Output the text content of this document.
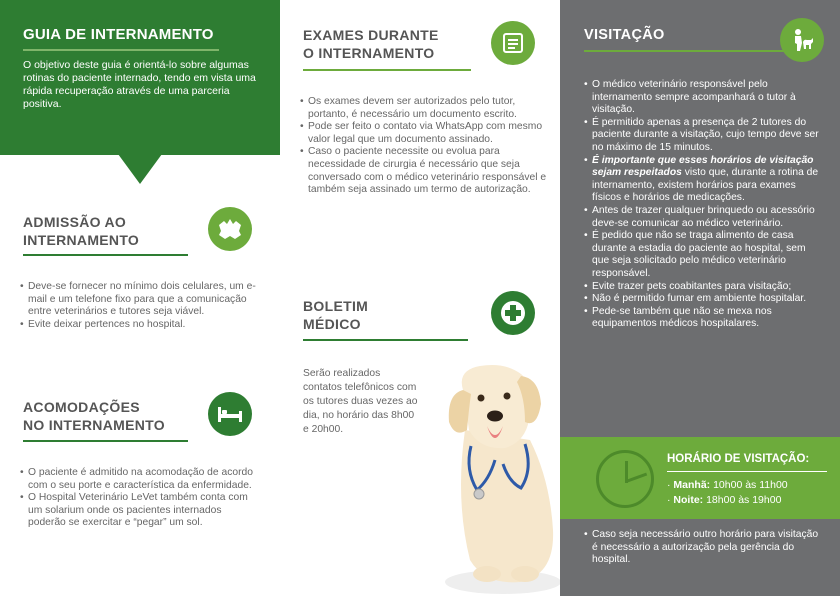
GUIA DE INTERNAMENTO

O objetivo deste guia é orientá-lo sobre algumas rotinas do paciente internado, tendo em vista uma rápida recuperação através de uma parceria positiva.

ADMISSÃO AO
INTERNAMENTO
• Deve-se fornecer no mínimo dois celulares, um e-mail e um telefone fixo para que a comunicação entre veterinários e tutores seja viável.
• Evite deixar pertences no hospital.
ACOMODAÇÕES
NO INTERNAMENTO
• O paciente é admitido na acomodação de acordo com o seu porte e característica da enfermidade.
• O Hospital Veterinário LeVet também conta com um solarium onde os pacientes internados poderão se exercitar e “pegar” um sol.
EXAMES DURANTE
O INTERNAMENTO
• Os exames devem ser autorizados pelo tutor, portanto, é necessário um documento escrito.
• Pode ser feito o contato via WhatsApp com mesmo valor legal que um documento assinado.
• Caso o paciente necessite ou evolua para necessidade de cirurgia é necessário que seja conversado com o médico veterinário responsável e também seja assinado um termo de autorização.
BOLETIM
MÉDICO
Serão realizados contatos telefônicos com os tutores duas vezes ao dia, no horário das 8h00 e 20h00.
VISITAÇÃO
• O médico veterinário responsável pelo internamento sempre acompanhará o tutor à visitação.
• É permitido apenas a presença de 2 tutores do paciente durante a visitação, cujo tempo deve ser no máximo de 15 minutos.
• É importante que esses horários de visitação sejam respeitados visto que, durante a rotina de internamento, existem horários para exames físicos e horários de medicações.
• Antes de trazer qualquer brinquedo ou acessório deve-se comunicar ao médico veterinário.
• É pedido que não se traga alimento de casa durante a estadia do paciente ao hospital, sem que seja solicitado pelo médico veterinário responsável.
• Evite trazer pets coabitantes para visitação;
• Não é permitido fumar em ambiente hospitalar.
• Pede-se também que não se mexa nos equipamentos médicos hospitalares.
HORÁRIO DE VISITAÇÃO:
· Manhã: 10h00 às 11h00
· Noite: 18h00 às 19h00
• Caso seja necessário outro horário para visitação é necessário a autorização pela gerência do hospital.
